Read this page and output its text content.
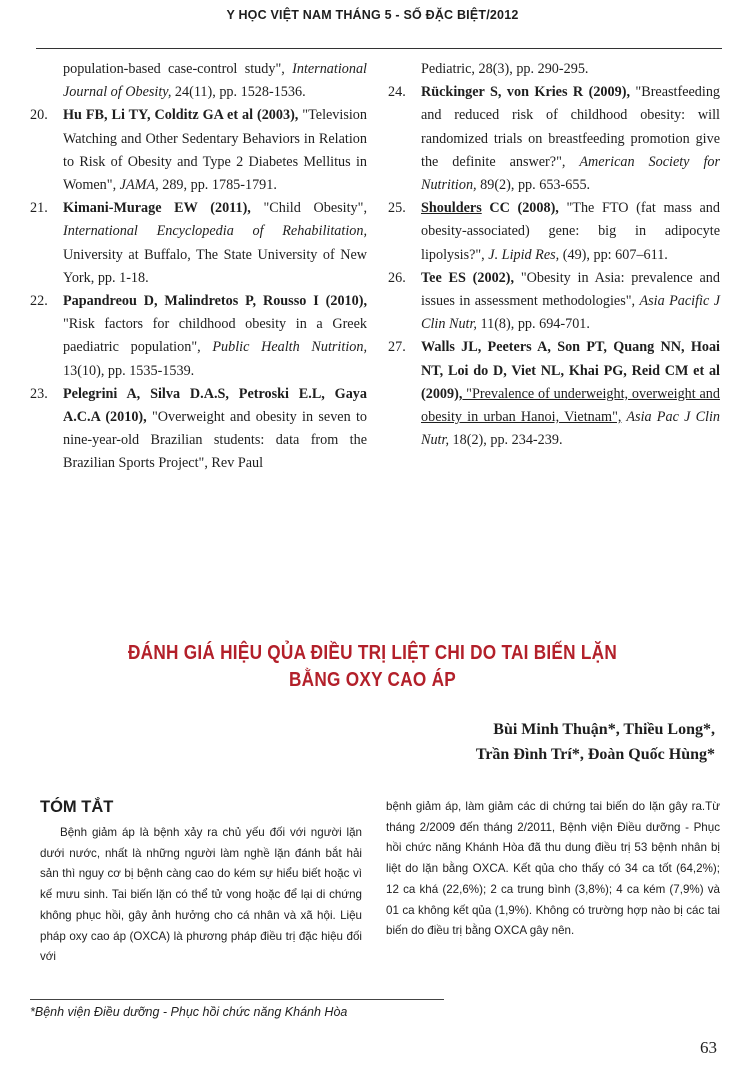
Y HỌC VIỆT NAM THÁNG 5 - SỐ ĐẶC BIỆT/2012
population-based case-control study", International Journal of Obesity, 24(11), pp. 1528-1536.
20.	Hu FB, Li TY, Colditz GA et al (2003), "Television Watching and Other Sedentary Behaviors in Relation to Risk of Obesity and Type 2 Diabetes Mellitus in Women", JAMA, 289, pp. 1785-1791.
21.	Kimani-Murage EW (2011), "Child Obesity", International Encyclopedia of Rehabilitation, University at Buffalo, The State University of New York, pp. 1-18.
22.	Papandreou D, Malindretos P, Rousso I (2010), "Risk factors for childhood obesity in a Greek paediatric population", Public Health Nutrition, 13(10), pp. 1535-1539.
23.	Pelegrini A, Silva D.A.S, Petroski E.L, Gaya A.C.A (2010), "Overweight and obesity in seven to nine-year-old Brazilian students: data from the Brazilian Sports Project", Rev Paul
Pediatric, 28(3), pp. 290-295.
24.	Rückinger S, von Kries R (2009), "Breastfeeding and reduced risk of childhood obesity: will randomized trials on breastfeeding promotion give the definite answer?", American Society for Nutrition, 89(2), pp. 653-655.
25.	Shoulders CC (2008), "The FTO (fat mass and obesity-associated) gene: big in adipocyte lipolysis?", J. Lipid Res, (49), pp: 607–611.
26.	Tee ES (2002), "Obesity in Asia: prevalence and issues in assessment methodologies", Asia Pacific J Clin Nutr, 11(8), pp. 694-701.
27.	Walls JL, Peeters A, Son PT, Quang NN, Hoai NT, Loi do D, Viet NL, Khai PG, Reid CM et al (2009), "Prevalence of underweight, overweight and obesity in urban Hanoi, Vietnam", Asia Pac J Clin Nutr, 18(2), pp. 234-239.
ĐÁNH GIÁ HIỆU QỦA ĐIỀU TRỊ LIỆT CHI DO TAI BIẾN LẶN
BẰNG OXY CAO ÁP
Bùi Minh Thuận*, Thiều Long*,
Trần Đình Trí*, Đoàn Quốc Hùng*
TÓM TẮT

Bệnh giảm áp là bệnh xảy ra chủ yếu đối với người lặn dưới nước, nhất là những người làm nghề lặn đánh bắt hải sản thì nguy cơ bị bệnh càng cao do kém sự hiểu biết hoặc vì kế mưu sinh. Tai biến lặn có thể tử vong hoặc để lại di chứng không phục hồi, gây ảnh hưởng cho cá nhân và xã hội. Liệu pháp oxy cao áp (OXCA) là phương pháp điều trị đặc hiệu đối với

bệnh giảm áp, làm giảm các di chứng tai biến do lặn gây ra.Từ tháng 2/2009 đến tháng 2/2011, Bệnh viện Điều dưỡng - Phục hồi chức năng Khánh Hòa đã thu dung điều trị 53 bệnh nhân bị liệt do lặn bằng OXCA. Kết qủa cho thấy có 34 ca tốt (64,2%); 12 ca khá (22,6%); 2 ca trung bình (3,8%); 4 ca kém (7,9%) và 01 ca không kết qủa (1,9%). Không có trường hợp nào bị các tai biến do điều trị bằng OXCA gây nên.

*Bệnh viện Điều dưỡng - Phục hồi chức năng Khánh Hòa
63
